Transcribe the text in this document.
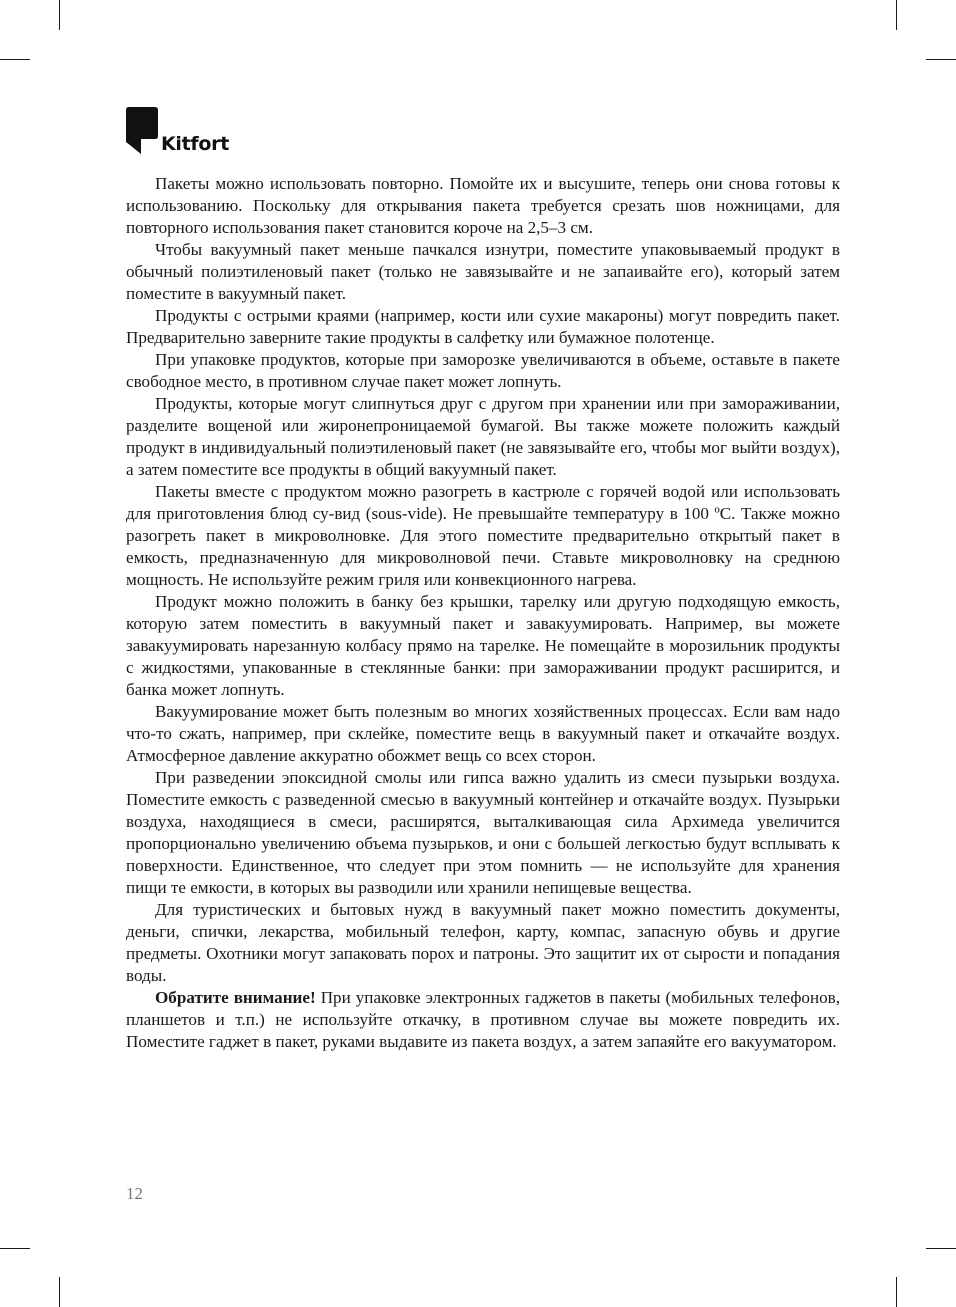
Kitfort

Пакеты можно использовать повторно. Помойте их и высушите, теперь они снова готовы к использованию. Поскольку для открывания пакета требуется срезать шов ножницами, для повторного использования пакет становится короче на 2,5–3 см.

Чтобы вакуумный пакет меньше пачкался изнутри, поместите упаковываемый продукт в обычный полиэтиленовый пакет (только не завязывайте и не запаивайте его), который затем поместите в вакуумный пакет.

Продукты с острыми краями (например, кости или сухие макароны) могут повредить пакет. Предварительно заверните такие продукты в салфетку или бумажное полотенце.

При упаковке продуктов, которые при заморозке увеличиваются в объеме, оставьте в пакете свободное место, в противном случае пакет может лопнуть.

Продукты, которые могут слипнуться друг с другом при хранении или при замораживании, разделите вощеной или жиронепроницаемой бумагой. Вы также можете положить каждый продукт в индивидуальный полиэтиленовый пакет (не завязывайте его, чтобы мог выйти воздух), а затем поместите все продукты в общий вакуумный пакет.

Пакеты вместе с продуктом можно разогреть в кастрюле с горячей водой или использовать для приготовления блюд су-вид (sous-vide). Не превышайте температуру в 100 ºС. Также можно разогреть пакет в микроволновке. Для этого поместите предварительно открытый пакет в емкость, предназначенную для микроволновой печи. Ставьте микроволновку на среднюю мощность. Не используйте режим гриля или конвекционного нагрева.

Продукт можно положить в банку без крышки, тарелку или другую подходящую емкость, которую затем поместить в вакуумный пакет и завакуумировать. Например, вы можете завакуумировать нарезанную колбасу прямо на тарелке. Не помещайте в морозильник продукты с жидкостями, упакованные в стеклянные банки: при замораживании продукт расширится, и банка может лопнуть.

Вакуумирование может быть полезным во многих хозяйственных процессах. Если вам надо что-то сжать, например, при склейке, поместите вещь в вакуумный пакет и откачайте воздух. Атмосферное давление аккуратно обожмет вещь со всех сторон.

При разведении эпоксидной смолы или гипса важно удалить из смеси пузырьки воздуха. Поместите емкость с разведенной смесью в вакуумный контейнер и откачайте воздух. Пузырьки воздуха, находящиеся в смеси, расширятся, выталкивающая сила Архимеда увеличится пропорционально увеличению объема пузырьков, и они с большей легкостью будут всплывать к поверхности. Единственное, что следует при этом помнить — не используйте для хранения пищи те емкости, в которых вы разводили или хранили непищевые вещества.

Для туристических и бытовых нужд в вакуумный пакет можно поместить документы, деньги, спички, лекарства, мобильный телефон, карту, компас, запасную обувь и другие предметы. Охотники могут запаковать порох и патроны. Это защитит их от сырости и попадания воды.

Обратите внимание! При упаковке электронных гаджетов в пакеты (мобильных телефонов, планшетов и т.п.) не используйте откачку, в противном случае вы можете повредить их. Поместите гаджет в пакет, руками выдавите из пакета воздух, а затем запаяйте его вакууматором.

12
